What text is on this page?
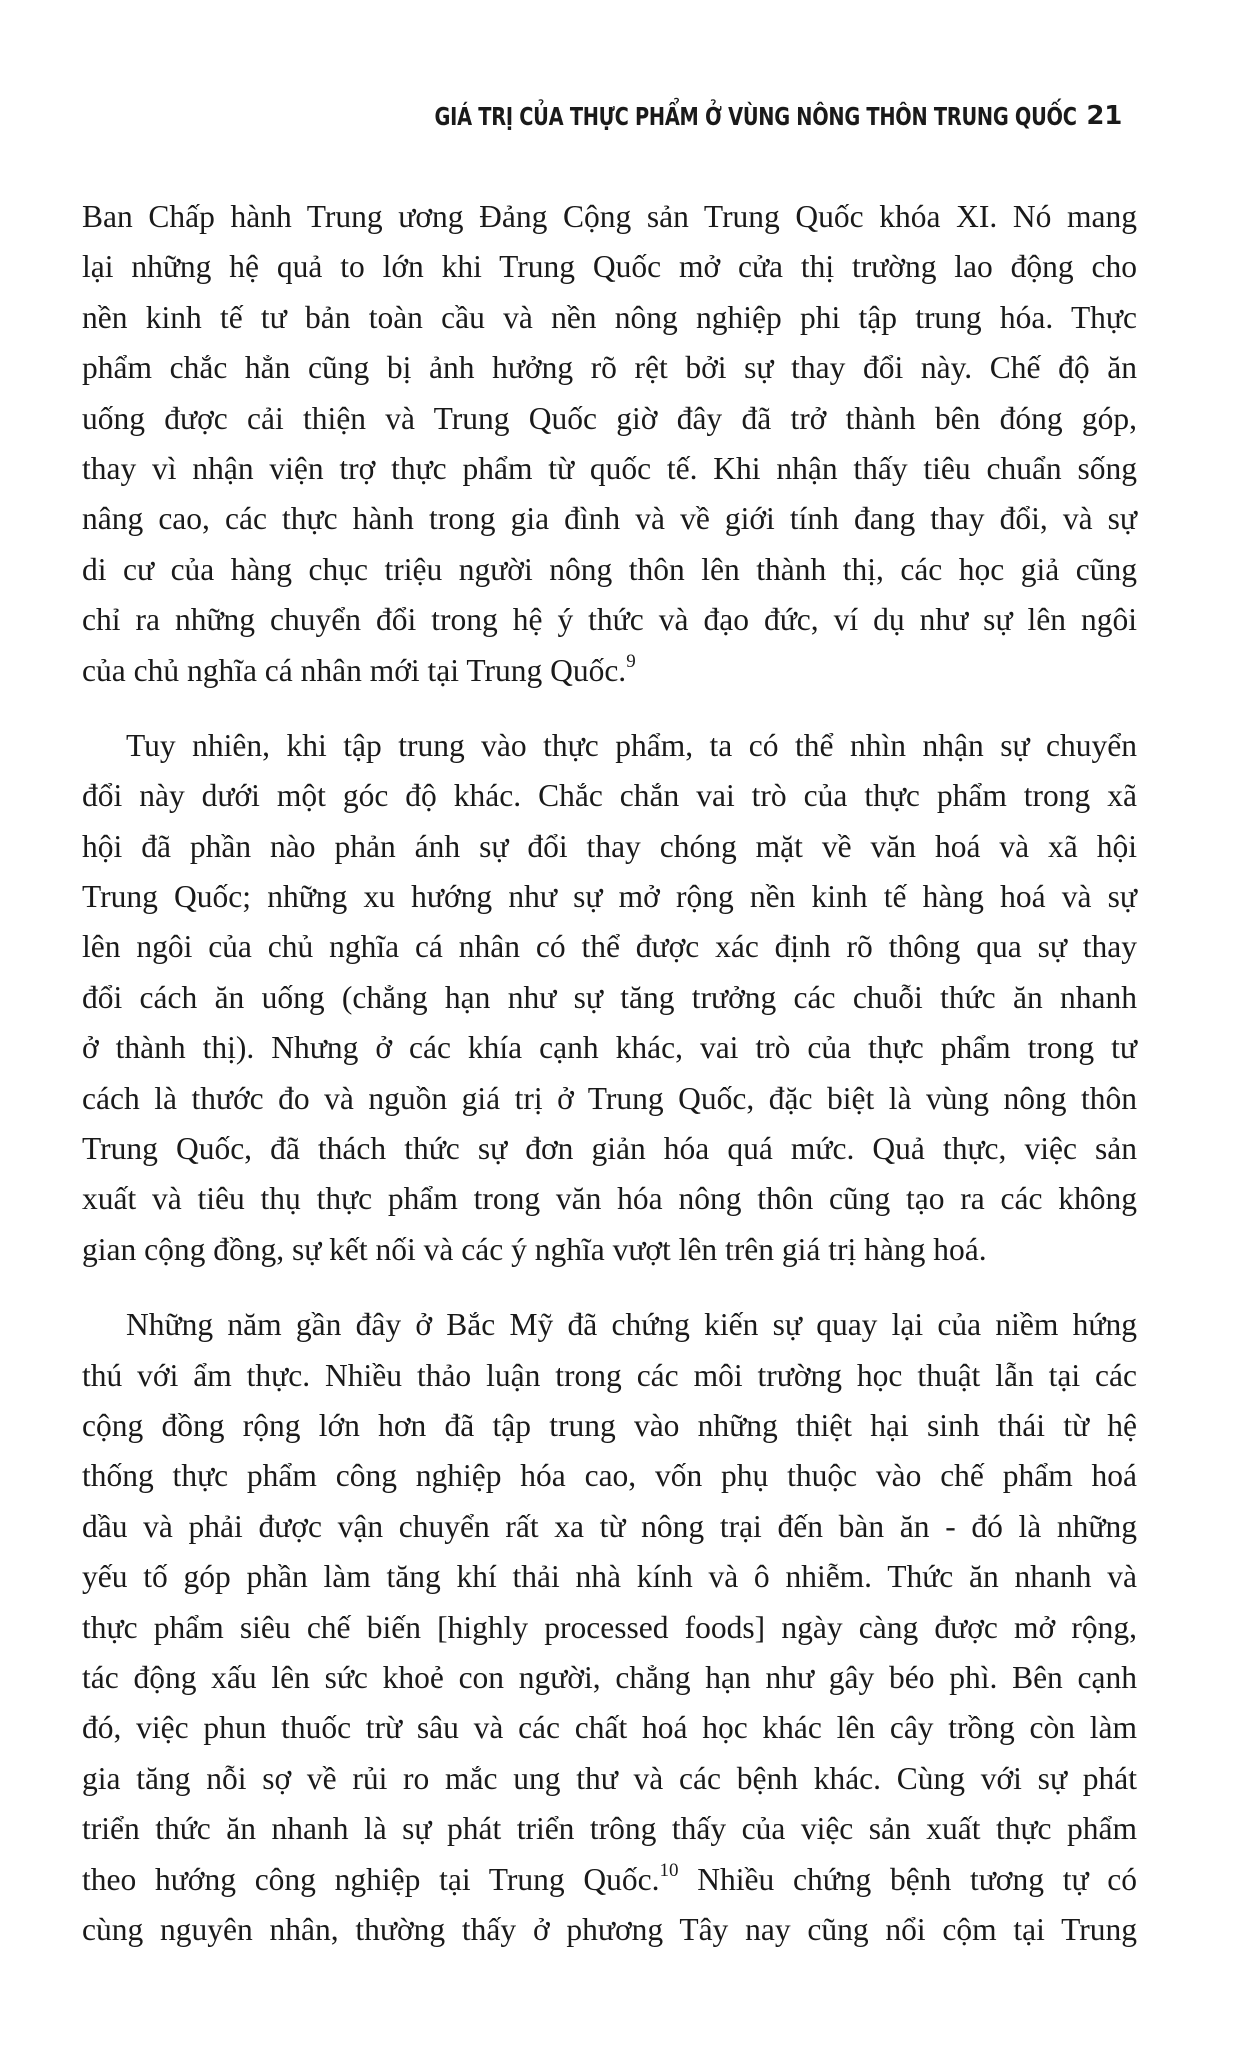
GIÁ TRỊ CỦA THỰC PHẨM Ở VÙNG NÔNG THÔN TRUNG QUỐC 21
Ban Chấp hành Trung ương Đảng Cộng sản Trung Quốc khóa XI. Nó mang
lại những hệ quả to lớn khi Trung Quốc mở cửa thị trường lao động cho
nền kinh tế tư bản toàn cầu và nền nông nghiệp phi tập trung hóa. Thực
phẩm chắc hẳn cũng bị ảnh hưởng rõ rệt bởi sự thay đổi này. Chế độ ăn
uống được cải thiện và Trung Quốc giờ đây đã trở thành bên đóng góp,
thay vì nhận viện trợ thực phẩm từ quốc tế. Khi nhận thấy tiêu chuẩn sống
nâng cao, các thực hành trong gia đình và về giới tính đang thay đổi, và sự
di cư của hàng chục triệu người nông thôn lên thành thị, các học giả cũng
chỉ ra những chuyển đổi trong hệ ý thức và đạo đức, ví dụ như sự lên ngôi
của chủ nghĩa cá nhân mới tại Trung Quốc.$^9$
Tuy nhiên, khi tập trung vào thực phẩm, ta có thể nhìn nhận sự chuyển
đổi này dưới một góc độ khác. Chắc chắn vai trò của thực phẩm trong xã
hội đã phần nào phản ánh sự đổi thay chóng mặt về văn hoá và xã hội
Trung Quốc; những xu hướng như sự mở rộng nền kinh tế hàng hoá và sự
lên ngôi của chủ nghĩa cá nhân có thể được xác định rõ thông qua sự thay
đổi cách ăn uống (chẳng hạn như sự tăng trưởng các chuỗi thức ăn nhanh
ở thành thị). Nhưng ở các khía cạnh khác, vai trò của thực phẩm trong tư
cách là thước đo và nguồn giá trị ở Trung Quốc, đặc biệt là vùng nông thôn
Trung Quốc, đã thách thức sự đơn giản hóa quá mức. Quả thực, việc sản
xuất và tiêu thụ thực phẩm trong văn hóa nông thôn cũng tạo ra các không
gian cộng đồng, sự kết nối và các ý nghĩa vượt lên trên giá trị hàng hoá.
Những năm gần đây ở Bắc Mỹ đã chứng kiến sự quay lại của niềm hứng
thú với ẩm thực. Nhiều thảo luận trong các môi trường học thuật lẫn tại các
cộng đồng rộng lớn hơn đã tập trung vào những thiệt hại sinh thái từ hệ
thống thực phẩm công nghiệp hóa cao, vốn phụ thuộc vào chế phẩm hoá
dầu và phải được vận chuyển rất xa từ nông trại đến bàn ăn - đó là những
yếu tố góp phần làm tăng khí thải nhà kính và ô nhiễm. Thức ăn nhanh và
thực phẩm siêu chế biến [highly processed foods] ngày càng được mở rộng,
tác động xấu lên sức khoẻ con người, chẳng hạn như gây béo phì. Bên cạnh
đó, việc phun thuốc trừ sâu và các chất hoá học khác lên cây trồng còn làm
gia tăng nỗi sợ về rủi ro mắc ung thư và các bệnh khác. Cùng với sự phát
triển thức ăn nhanh là sự phát triển trông thấy của việc sản xuất thực phẩm
theo hướng công nghiệp tại Trung Quốc.$^{10}$ Nhiều chứng bệnh tương tự có
cùng nguyên nhân, thường thấy ở phương Tây nay cũng nổi cộm tại Trung
